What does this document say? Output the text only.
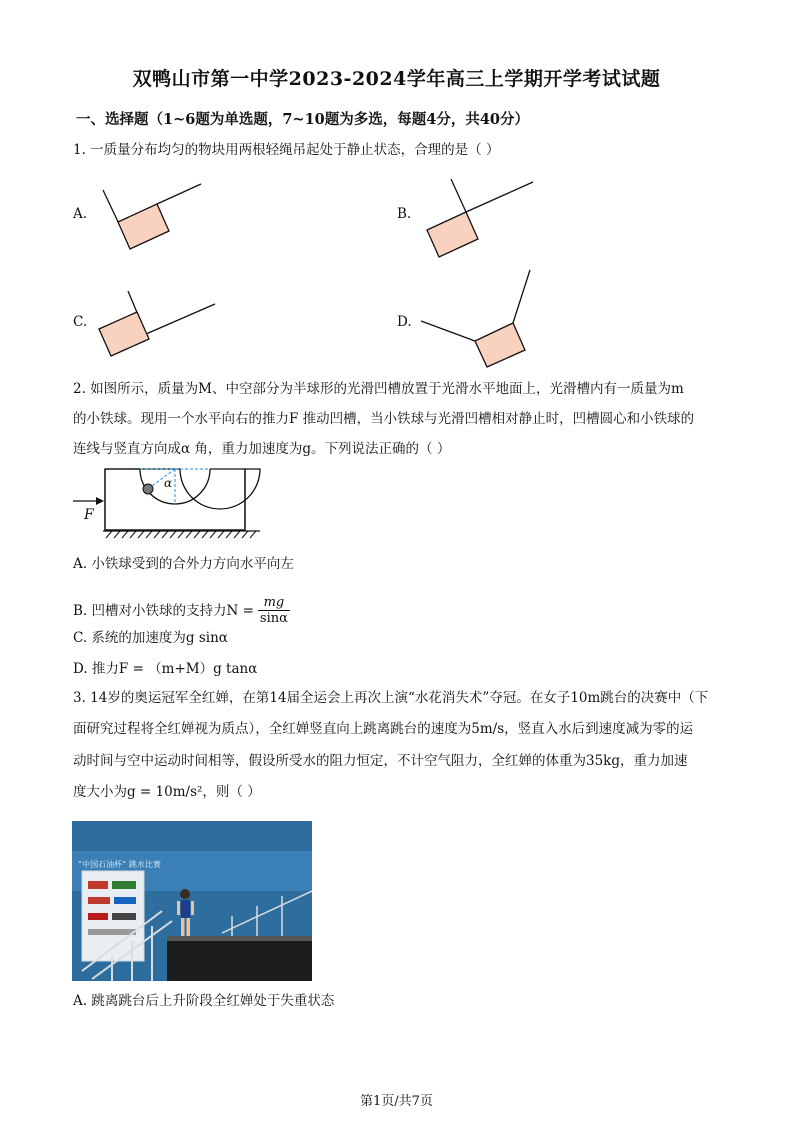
双鸭山市第一中学2023-2024学年高三上学期开学考试试题
一、选择题（1~6题为单选题，7~10题为多选，每题4分，共40分）
1. 一质量分布均匀的物块用两根轻绳吊起处于静止状态，合理的是（ ）
A.	B.
C.	D.
2. 如图所示，质量为M、中空部分为半球形的光滑凹槽放置于光滑水平地面上，光滑槽内有一质量为m
的小铁球。现用一个水平向右的推力F 推动凹槽，当小铁球与光滑凹槽相对静止时，凹槽圆心和小铁球的
连线与竖直方向成α 角，重力加速度为g。下列说法正确的（ ）
F
α
A. 小铁球受到的合外力方向水平向左
B. 凹槽对小铁球的支持力$N = \frac{mg}{\sin\alpha}$
C. 系统的加速度为g sinα
D. 推力F = （m+M）g tanα
3. 14岁的奥运冠军全红婵，在第14届全运会上再次上演“水花消失术”夺冠。在女子10m跳台的决赛中（下
面研究过程将全红婵视为质点），全红婵竖直向上跳离跳台的速度为5m/s，竖直入水后到速度减为零的运
动时间与空中运动时间相等，假设所受水的阻力恒定，不计空气阻力，全红婵的体重为35kg，重力加速
度大小为g = 10m/s²，则（ ）
“中国石油杯” 跳水比赛
A. 跳离跳台后上升阶段全红婵处于失重状态
第1页/共7页
